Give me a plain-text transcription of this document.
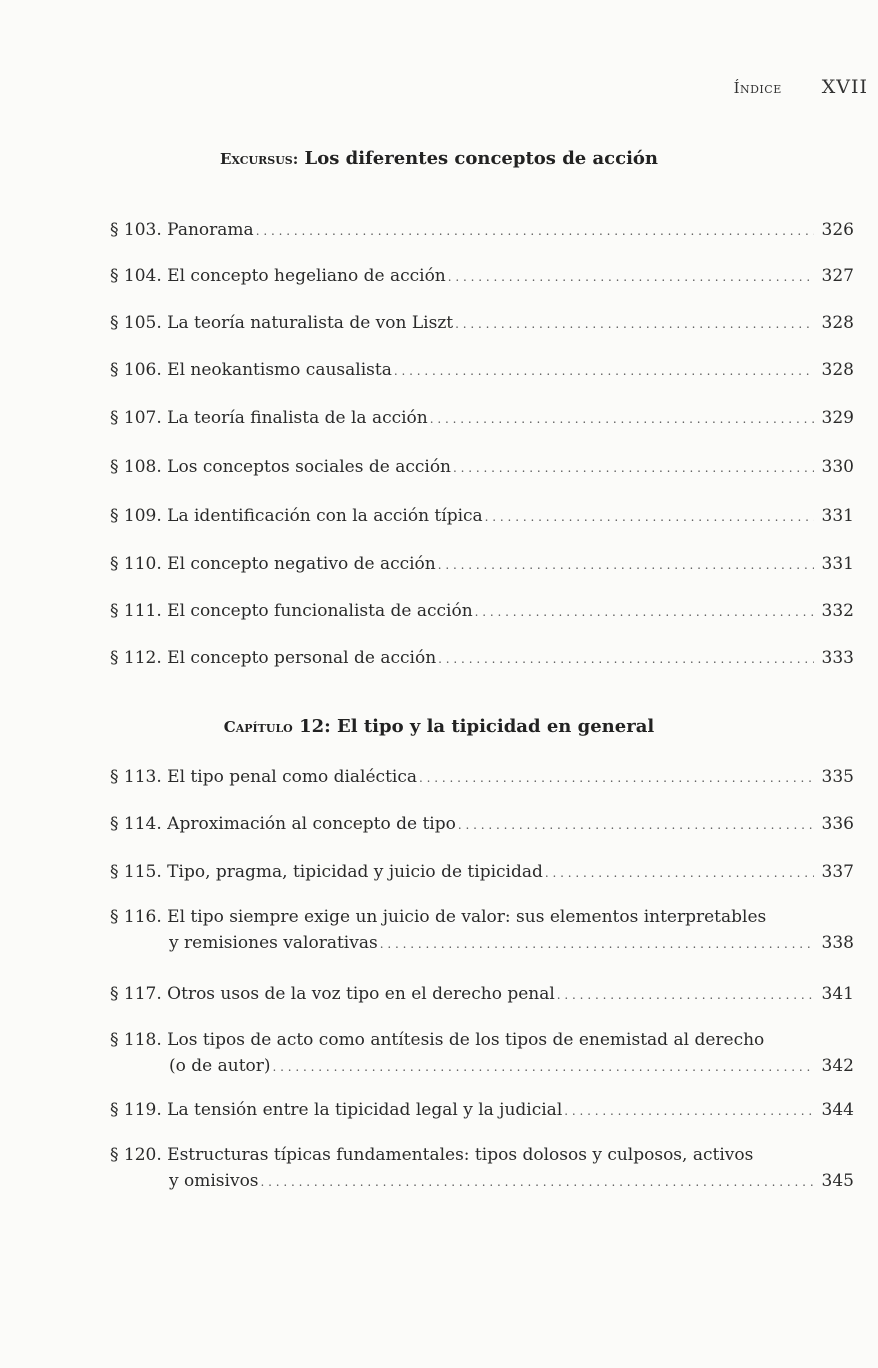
Índice XVII
Excursus: Los diferentes conceptos de acción
§ 103. Panorama . . .	326
§ 104. El concepto hegeliano de acción . . .	327
§ 105. La teoría naturalista de von Liszt . . .	328
§ 106. El neokantismo causalista . . .	328
§ 107. La teoría finalista de la acción . . .	329
§ 108. Los conceptos sociales de acción . . .	330
§ 109. La identificación con la acción típica . . .	331
§ 110. El concepto negativo de acción . . .	331
§ 111. El concepto funcionalista de acción . . .	332
§ 112. El concepto personal de acción . . .	333
Capítulo 12: El tipo y la tipicidad en general
§ 113. El tipo penal como dialéctica . . .	335
§ 114. Aproximación al concepto de tipo . . .	336
§ 115. Tipo, pragma, tipicidad y juicio de tipicidad . . .	337
§ 116. El tipo siempre exige un juicio de valor: sus elementos interpretables
y remisiones valorativas . . .	338
§ 117. Otros usos de la voz tipo en el derecho penal . . .	341
§ 118. Los tipos de acto como antítesis de los tipos de enemistad al derecho
(o de autor) . . .	342
§ 119. La tensión entre la tipicidad legal y la judicial . . .	344
§ 120. Estructuras típicas fundamentales: tipos dolosos y culposos, activos
y omisivos . . .	345
